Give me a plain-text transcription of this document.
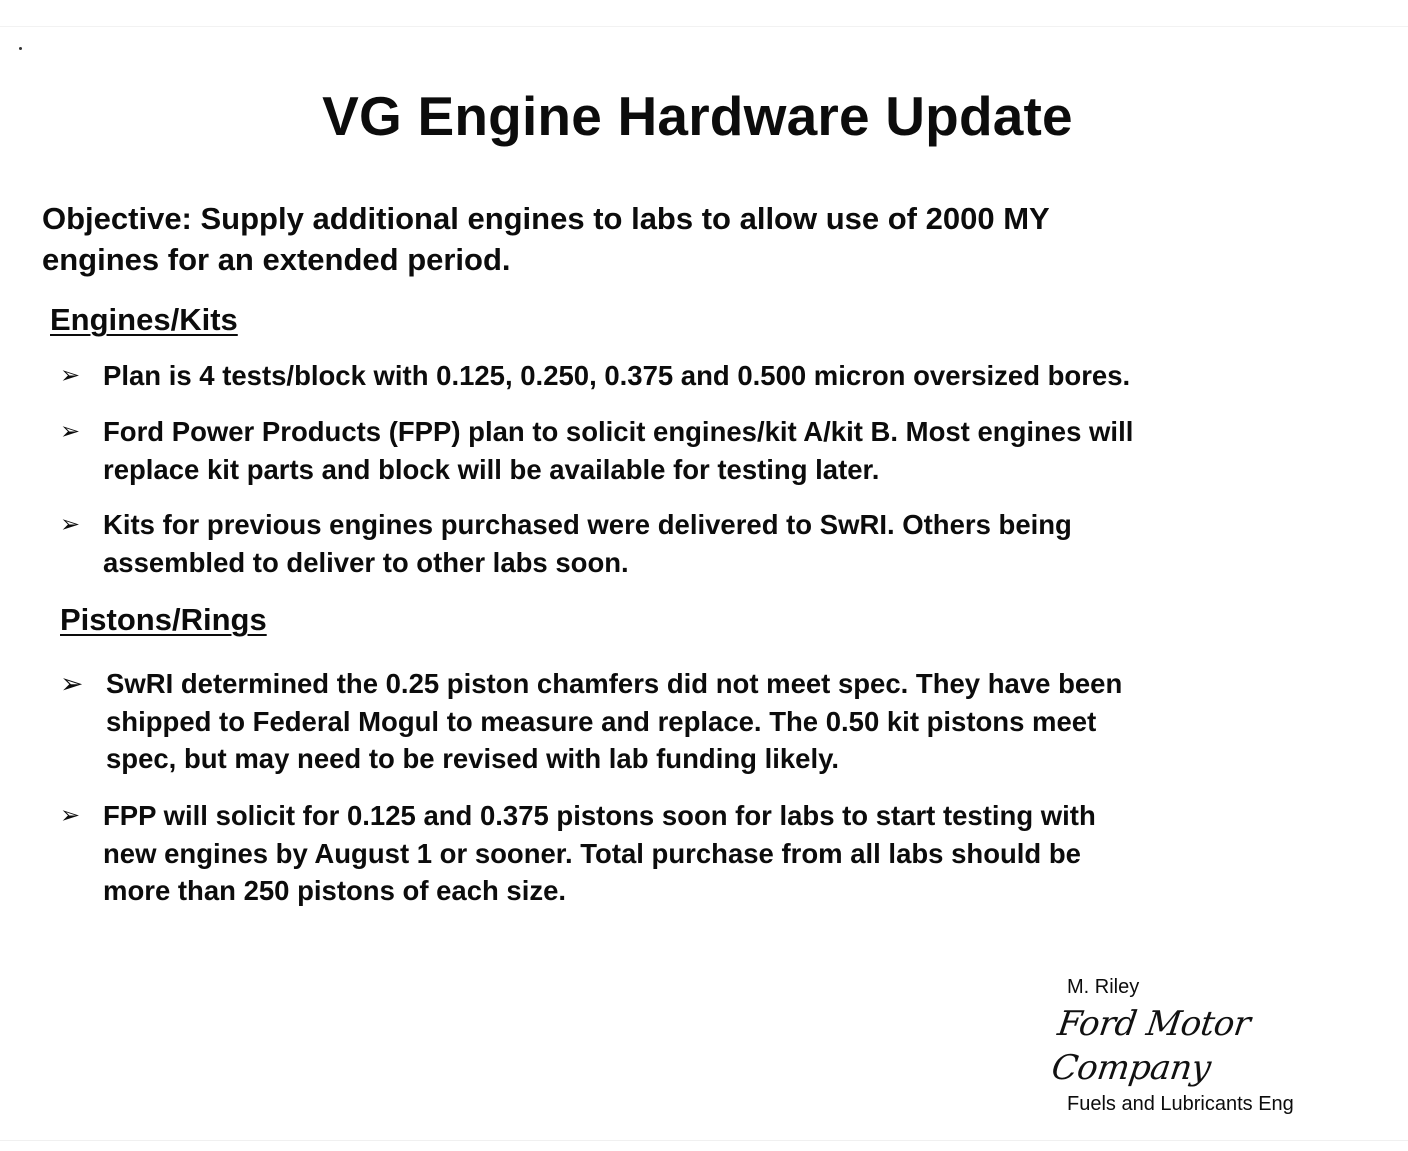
VG Engine Hardware Update
Objective: Supply additional engines to labs to allow use of 2000 MY
engines for an extended period.
Engines/Kits
➢ Plan is 4 tests/block with 0.125, 0.250, 0.375 and 0.500 micron oversized bores.
➢ Ford Power Products (FPP) plan to solicit engines/kit A/kit B. Most engines will
replace kit parts and block will be available for testing later.
➢ Kits for previous engines purchased were delivered to SwRI. Others being
assembled to deliver to other labs soon.
Pistons/Rings
➢ SwRI determined the 0.25 piston chamfers did not meet spec. They have been
shipped to Federal Mogul to measure and replace. The 0.50 kit pistons meet
spec, but may need to be revised with lab funding likely.
➢ FPP will solicit for 0.125 and 0.375 pistons soon for labs to start testing with
new engines by August 1 or sooner. Total purchase from all labs should be
more than 250 pistons of each size.
M. Riley
Ford Motor Company
Fuels and Lubricants Eng
